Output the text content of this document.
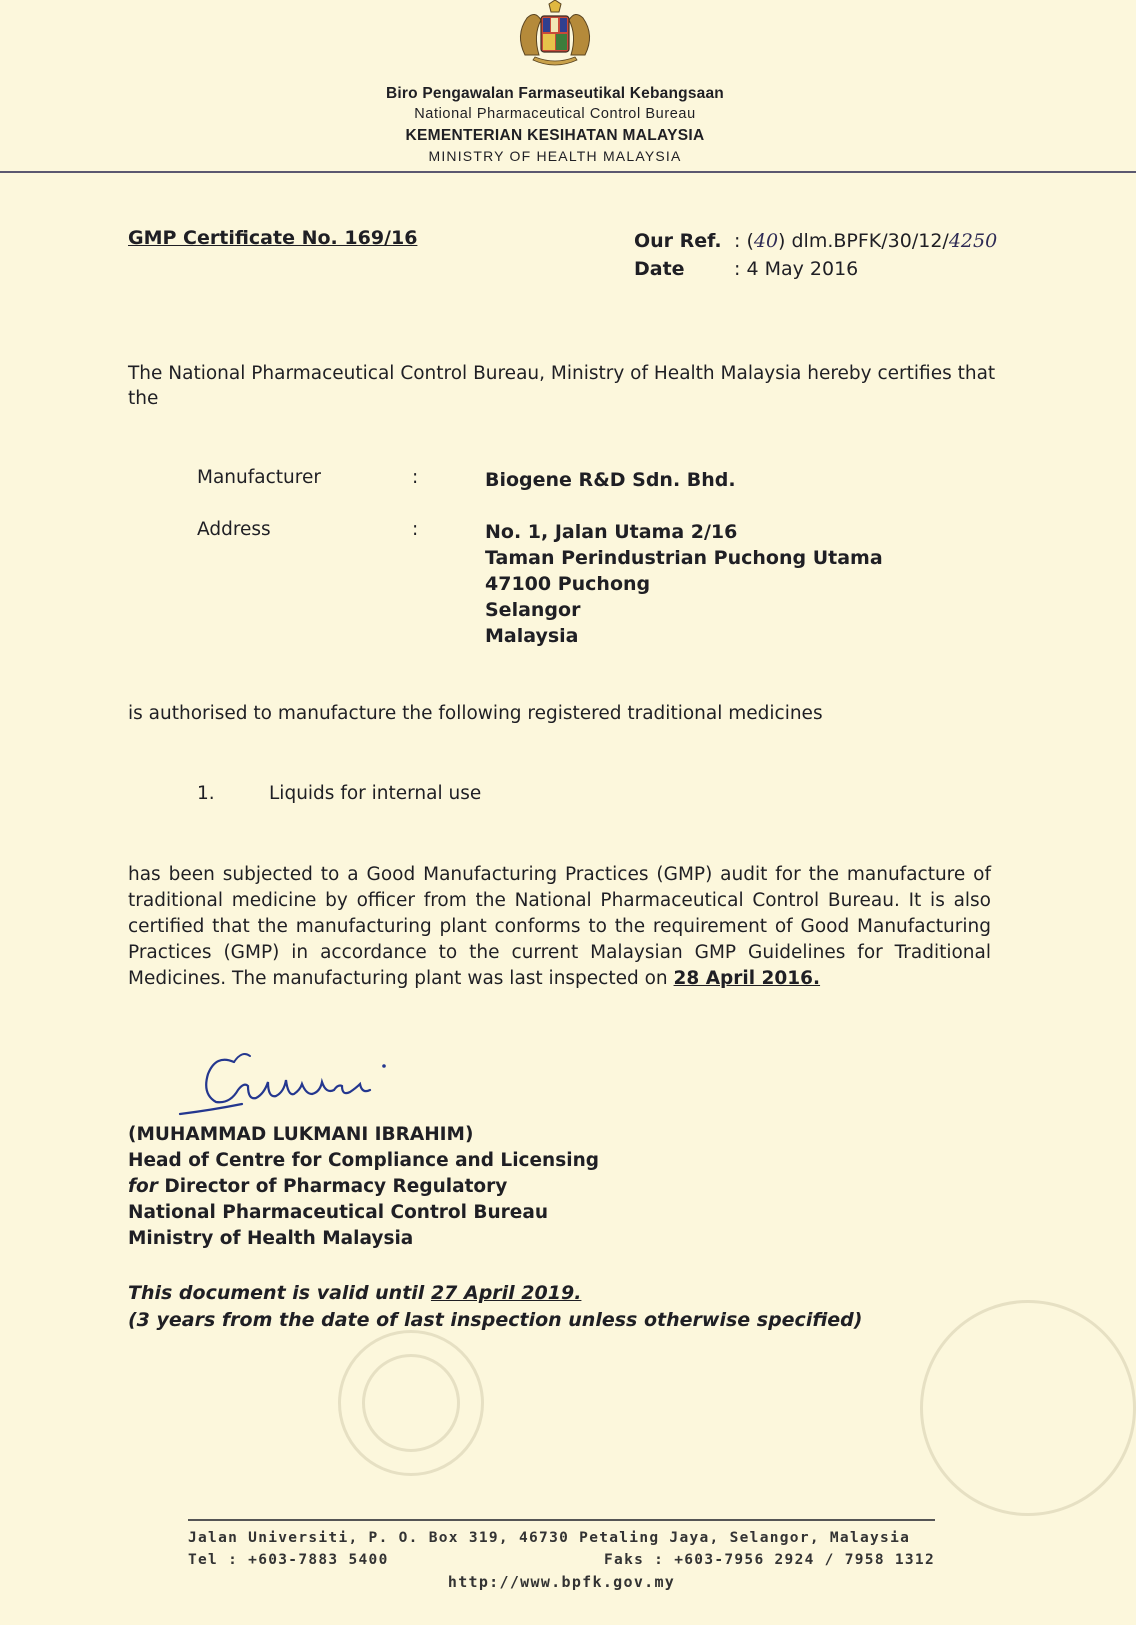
Biro Pengawalan Farmaseutikal Kebangsaan
National Pharmaceutical Control Bureau
KEMENTERIAN KESIHATAN MALAYSIA
MINISTRY OF HEALTH MALAYSIA
GMP Certificate No. 169/16	Our Ref. : (40) dlm.BPFK/30/12/4250
Date	: 4 May 2016
The National Pharmaceutical Control Bureau, Ministry of Health Malaysia hereby certifies that the
Manufacturer	:	Biogene R&D Sdn. Bhd.
Address	:	No. 1, Jalan Utama 2/16
Taman Perindustrian Puchong Utama
47100 Puchong
Selangor
Malaysia
is authorised to manufacture the following registered traditional medicines
1.	Liquids for internal use
has been subjected to a Good Manufacturing Practices (GMP) audit for the manufacture of traditional medicine by officer from the National Pharmaceutical Control Bureau. It is also certified that the manufacturing plant conforms to the requirement of Good Manufacturing Practices (GMP) in accordance to the current Malaysian GMP Guidelines for Traditional Medicines. The manufacturing plant was last inspected on 28 April 2016.
(MUHAMMAD LUKMANI IBRAHIM)
Head of Centre for Compliance and Licensing
for Director of Pharmacy Regulatory
National Pharmaceutical Control Bureau
Ministry of Health Malaysia
This document is valid until 27 April 2019.
(3 years from the date of last inspection unless otherwise specified)
Jalan Universiti, P. O. Box 319, 46730 Petaling Jaya, Selangor, Malaysia
Tel : +603-7883 5400	Faks : +603-7956 2924 / 7958 1312
http://www.bpfk.gov.my
